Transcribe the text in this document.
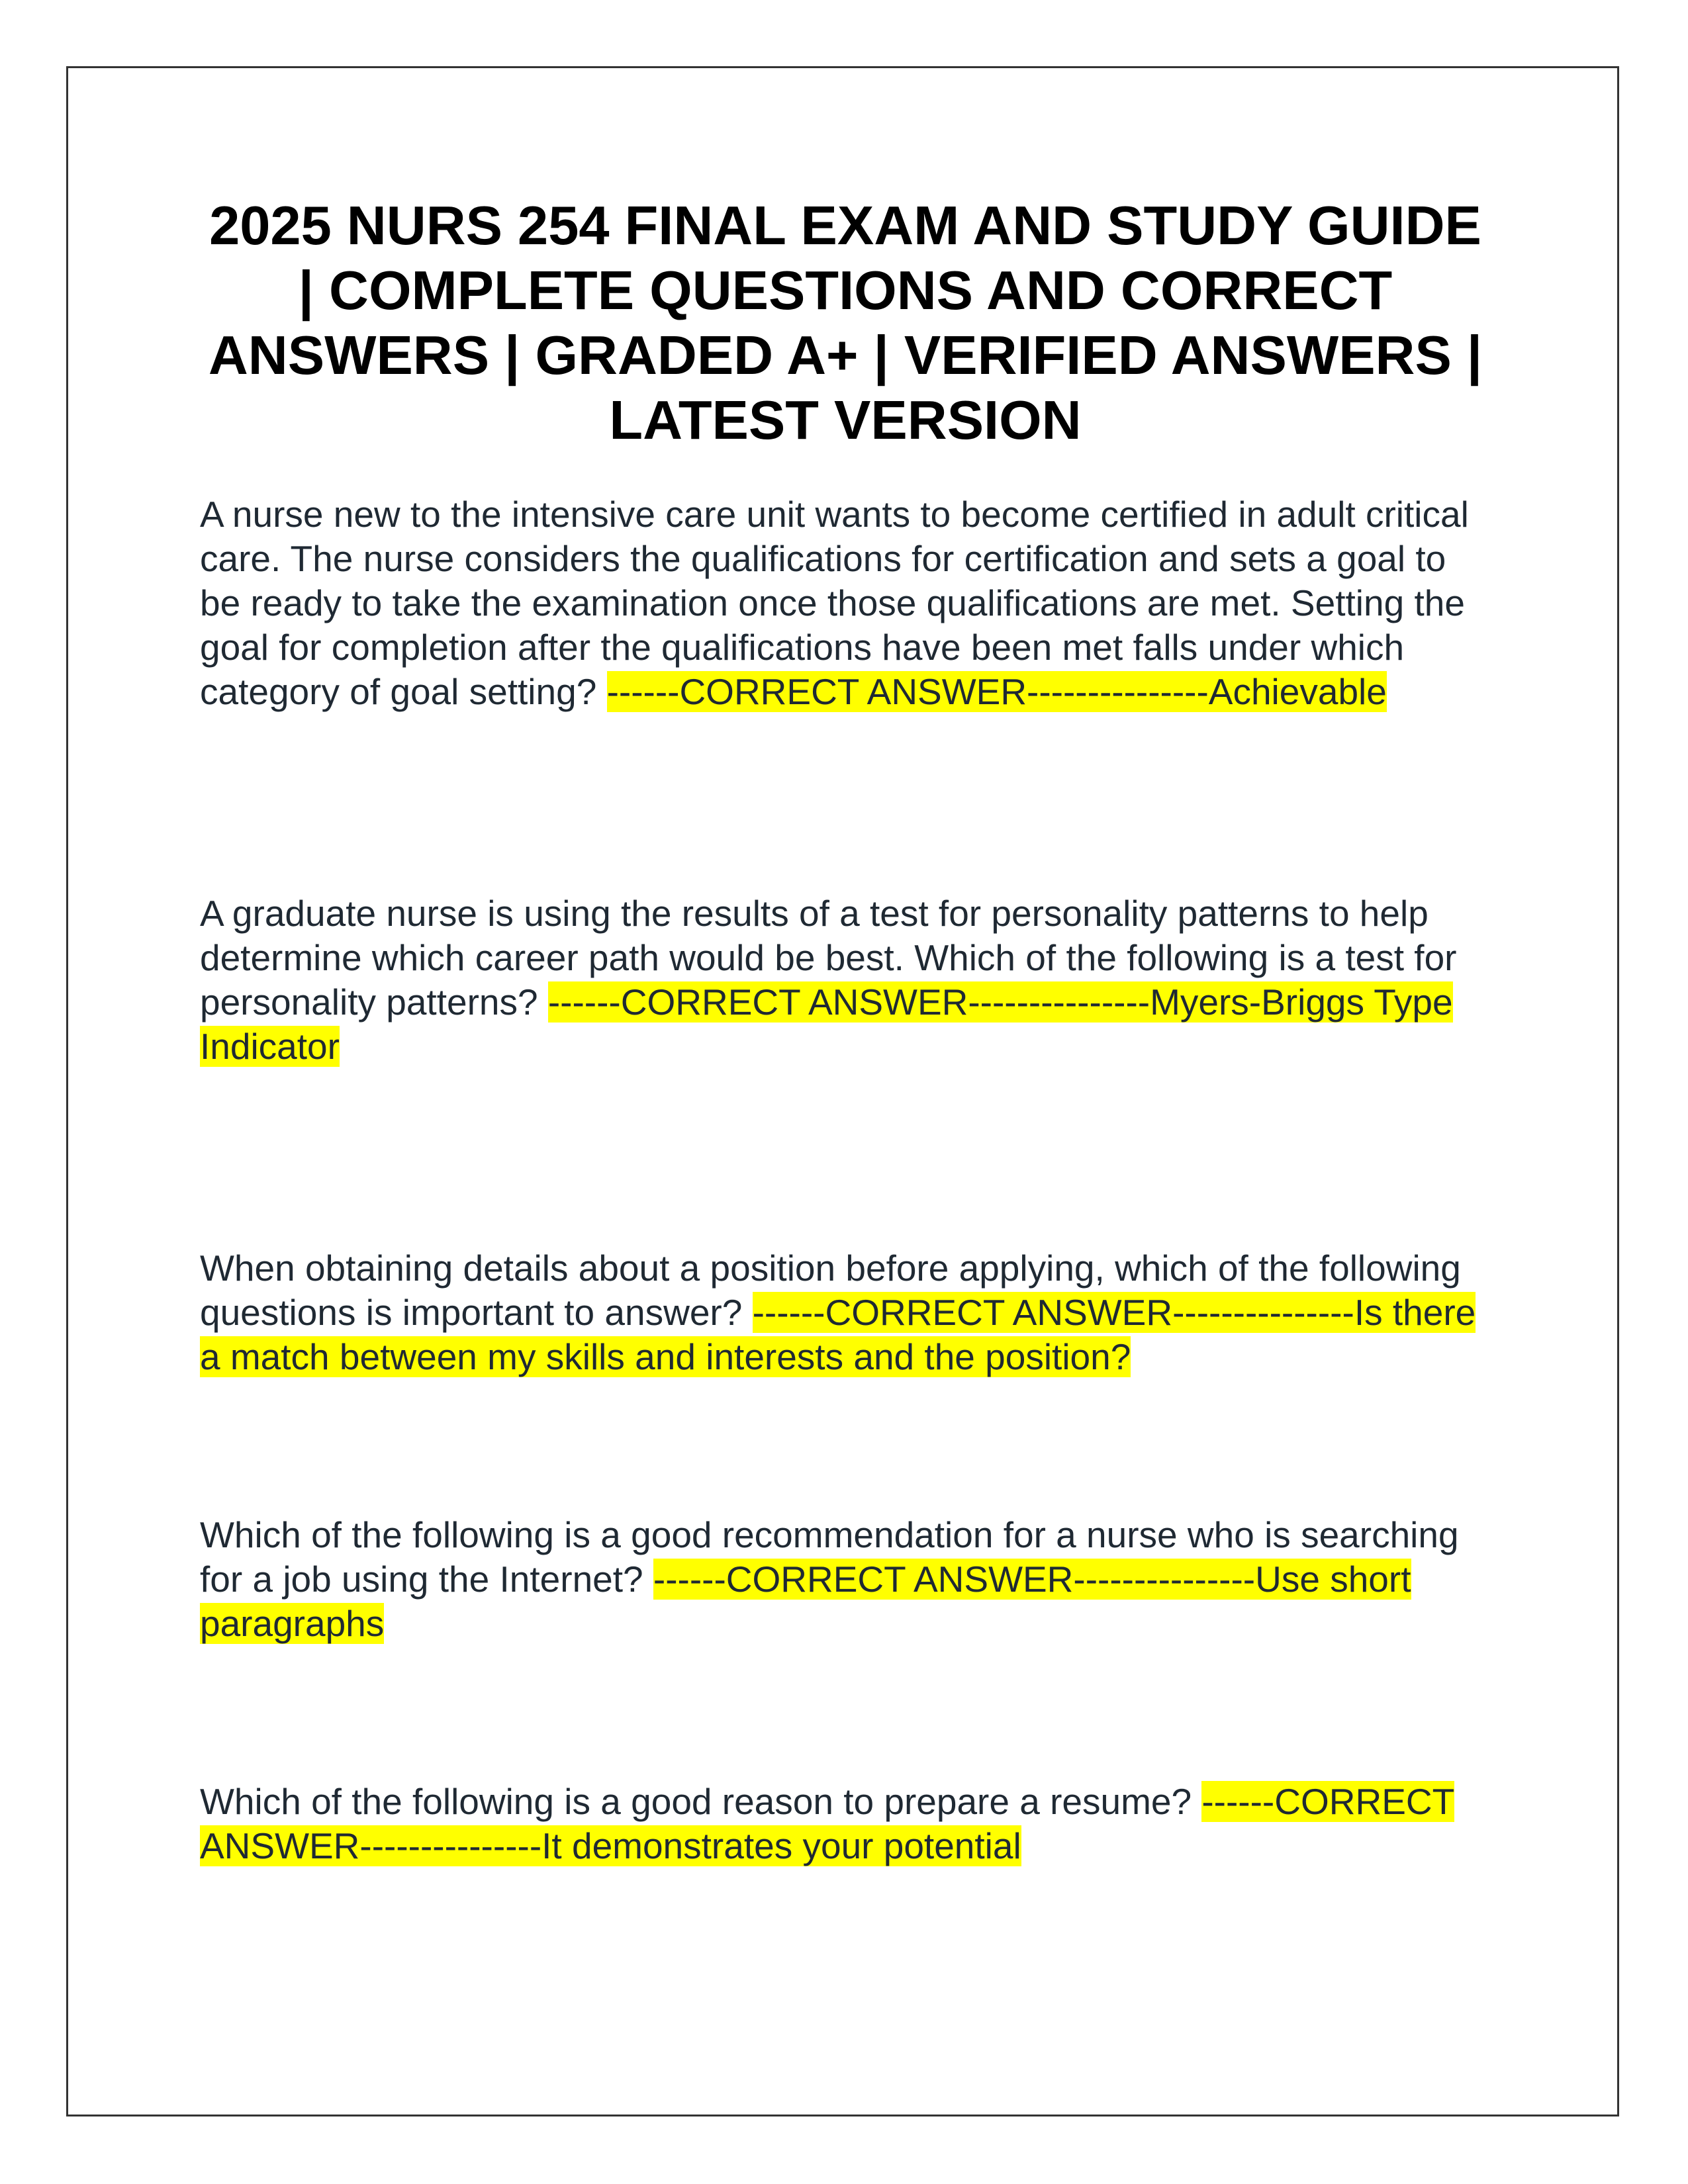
2025 NURS 254 FINAL EXAM AND STUDY GUIDE | COMPLETE QUESTIONS AND CORRECT ANSWERS | GRADED A+ | VERIFIED ANSWERS | LATEST VERSION

A nurse new to the intensive care unit wants to become certified in adult critical care. The nurse considers the qualifications for certification and sets a goal to be ready to take the examination once those qualifications are met. Setting the goal for completion after the qualifications have been met falls under which category of goal setting? ------CORRECT ANSWER---------------Achievable

A graduate nurse is using the results of a test for personality patterns to help determine which career path would be best. Which of the following is a test for personality patterns? ------CORRECT ANSWER---------------Myers-Briggs Type Indicator

When obtaining details about a position before applying, which of the following questions is important to answer? ------CORRECT ANSWER---------------Is there a match between my skills and interests and the position?

Which of the following is a good recommendation for a nurse who is searching for a job using the Internet? ------CORRECT ANSWER---------------Use short paragraphs

Which of the following is a good reason to prepare a resume? ------CORRECT ANSWER---------------It demonstrates your potential
